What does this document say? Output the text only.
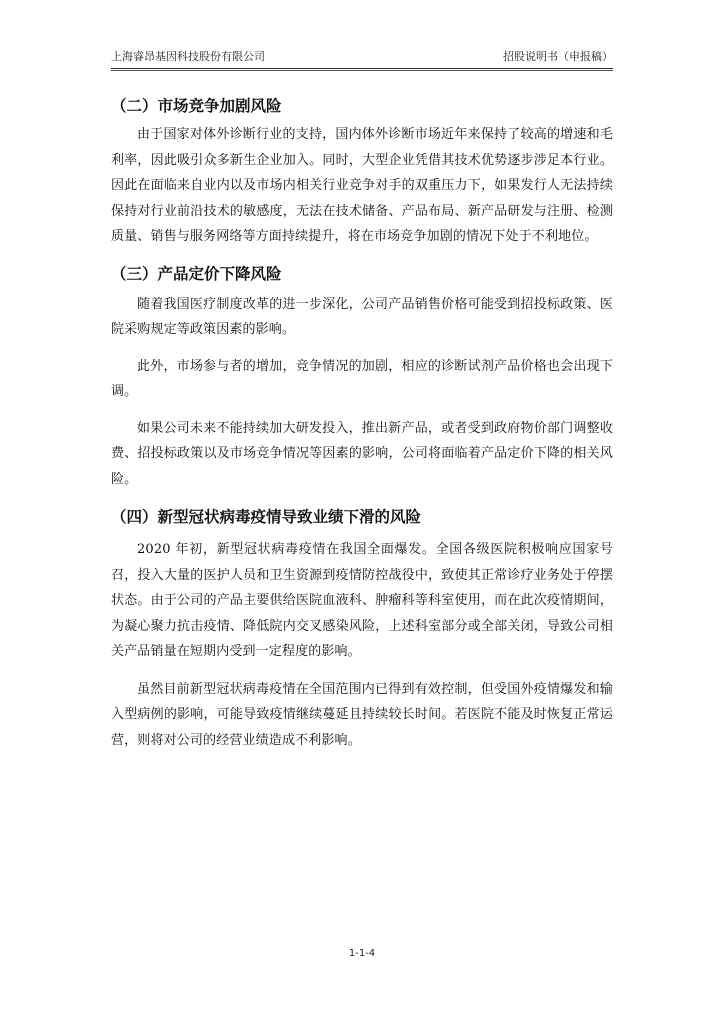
上海睿昂基因科技股份有限公司	招股说明书（申报稿）
（二）市场竞争加剧风险

由于国家对体外诊断行业的支持，国内体外诊断市场近年来保持了较高的增速和毛利率，因此吸引众多新生企业加入。同时，大型企业凭借其技术优势逐步涉足本行业。因此在面临来自业内以及市场内相关行业竞争对手的双重压力下，如果发行人无法持续保持对行业前沿技术的敏感度，无法在技术储备、产品布局、新产品研发与注册、检测质量、销售与服务网络等方面持续提升，将在市场竞争加剧的情况下处于不利地位。

（三）产品定价下降风险

随着我国医疗制度改革的进一步深化，公司产品销售价格可能受到招投标政策、医院采购规定等政策因素的影响。

此外，市场参与者的增加，竞争情况的加剧，相应的诊断试剂产品价格也会出现下调。

如果公司未来不能持续加大研发投入，推出新产品，或者受到政府物价部门调整收费、招投标政策以及市场竞争情况等因素的影响，公司将面临着产品定价下降的相关风险。

（四）新型冠状病毒疫情导致业绩下滑的风险

2020 年初，新型冠状病毒疫情在我国全面爆发。全国各级医院积极响应国家号召，投入大量的医护人员和卫生资源到疫情防控战役中，致使其正常诊疗业务处于停摆状态。由于公司的产品主要供给医院血液科、肿瘤科等科室使用，而在此次疫情期间，为凝心聚力抗击疫情、降低院内交叉感染风险，上述科室部分或全部关闭，导致公司相关产品销量在短期内受到一定程度的影响。

虽然目前新型冠状病毒疫情在全国范围内已得到有效控制，但受国外疫情爆发和输入型病例的影响，可能导致疫情继续蔓延且持续较长时间。若医院不能及时恢复正常运营，则将对公司的经营业绩造成不利影响。

1-1-4
